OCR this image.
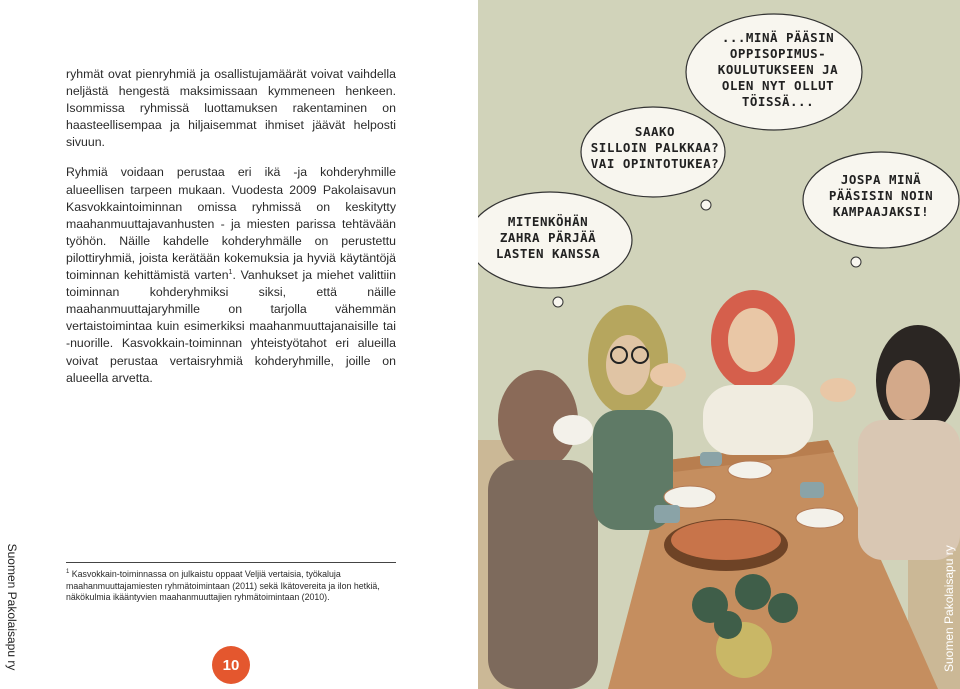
ryhmät ovat pienryhmiä ja osallistujamäärät voivat vaihdella neljästä hengestä maksimissaan kymmeneen henkeen. Isommissa ryhmissä luottamuksen rakentaminen on haasteellisempaa ja hiljaisemmat ihmiset jäävät helposti sivuun.

Ryhmiä voidaan perustaa eri ikä -ja kohderyhmille alueellisen tarpeen mukaan. Vuodesta 2009 Pakolaisavun Kasvokkaintoiminnan omissa ryhmissä on keskitytty maahanmuuttajavanhusten - ja miesten parissa tehtävään työhön. Näille kahdelle kohderyhmälle on perustettu pilottiryhmiä, joista kerätään kokemuksia ja hyviä käytäntöjä toiminnan kehittämistä varten$^1$. Vanhukset ja miehet valittiin toiminnan kohderyhmiksi siksi, että näille maahanmuuttajaryhmille on tarjolla vähemmän vertaistoimintaa kuin esimerkiksi maahanmuuttajanaisille tai -nuorille. Kasvokkain-toiminnan yhteistyötahot eri alueilla voivat perustaa vertaisryhmiä kohderyhmille, joille on alueella arvetta.

$^1$ Kasvokkain-toiminnassa on julkaistu oppaat Veljiä vertaisia, työkaluja maahanmuuttajamiesten ryhmätoimintaan (2011) sekä Ikätovereita ja ilon hetkiä, näkökulmia ikääntyvien maahanmuuttajien ryhmätoimintaan (2010).
Suomen Pakolaisapu ry	10
...MINÄ PÄÄSIN
OPPISOPIMUS-
KOULUTUKSEEN JA
OLEN NYT OLLUT
TÖISSÄ...
SAAKO
SILLOIN PALKKAA?
VAI OPINTOTUKEA?
JOSPA MINÄ
PÄÄSISIN NOIN
KAMPAAJAKSI!
MITENKÖHÄN
ZAHRA PÄRJÄÄ
LASTEN KANSSA
Suomen Pakolaisapu ry
